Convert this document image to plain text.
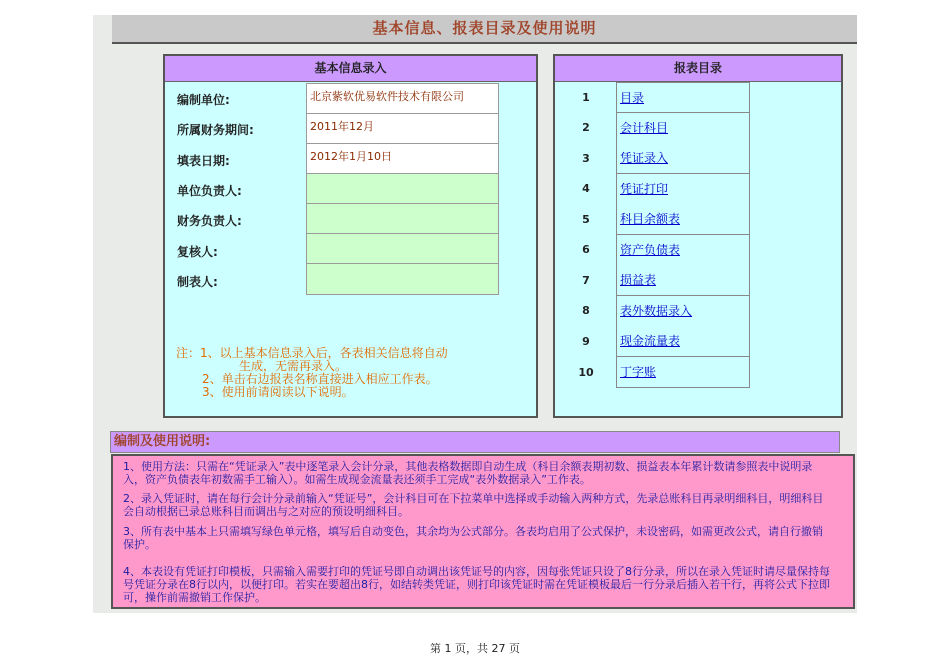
基本信息、报表目录及使用说明
基本信息录入
编制单位:	北京紫软优易软件技术有限公司
所属财务期间:	2011年12月
填表日期:	2012年1月10日
单位负责人:
财务负责人:
复核人:
制表人:
注：1、以上基本信息录入后，各表相关信息将自动
生成，无需再录入。
2、单击右边报表名称直接进入相应工作表。
3、使用前请阅读以下说明。
报表目录
1	目录
2	会计科目
3	凭证录入
4	凭证打印
5	科目余额表
6	资产负债表
7	损益表
8	表外数据录入
9	现金流量表
10	丁字账
编制及使用说明:

1、使用方法：只需在“凭证录入”表中逐笔录入会计分录，其他表格数据即自动生成（科目余额表期初数、损益表本年累计数请参照表中说明录入，资产负债表年初数需手工输入）。如需生成现金流量表还须手工完成“表外数据录入”工作表。

2、录入凭证时，请在每行会计分录前输入“凭证号”，会计科目可在下拉菜单中选择或手动输入两种方式，先录总账科目再录明细科目，明细科目会自动根据已录总账科目而调出与之对应的预设明细科目。

3、所有表中基本上只需填写绿色单元格，填写后自动变色，其余均为公式部分。各表均启用了公式保护，未设密码，如需更改公式，请自行撤销保护。

4、本表设有凭证打印模板，只需输入需要打印的凭证号即自动调出该凭证号的内容，因每张凭证只设了8行分录，所以在录入凭证时请尽量保持每号凭证分录在8行以内，以便打印。若实在要超出8行，如结转类凭证，则打印该凭证时需在凭证模板最后一行分录后插入若干行，再将公式下拉即可，操作前需撤销工作保护。

第 1 页，共 27 页
